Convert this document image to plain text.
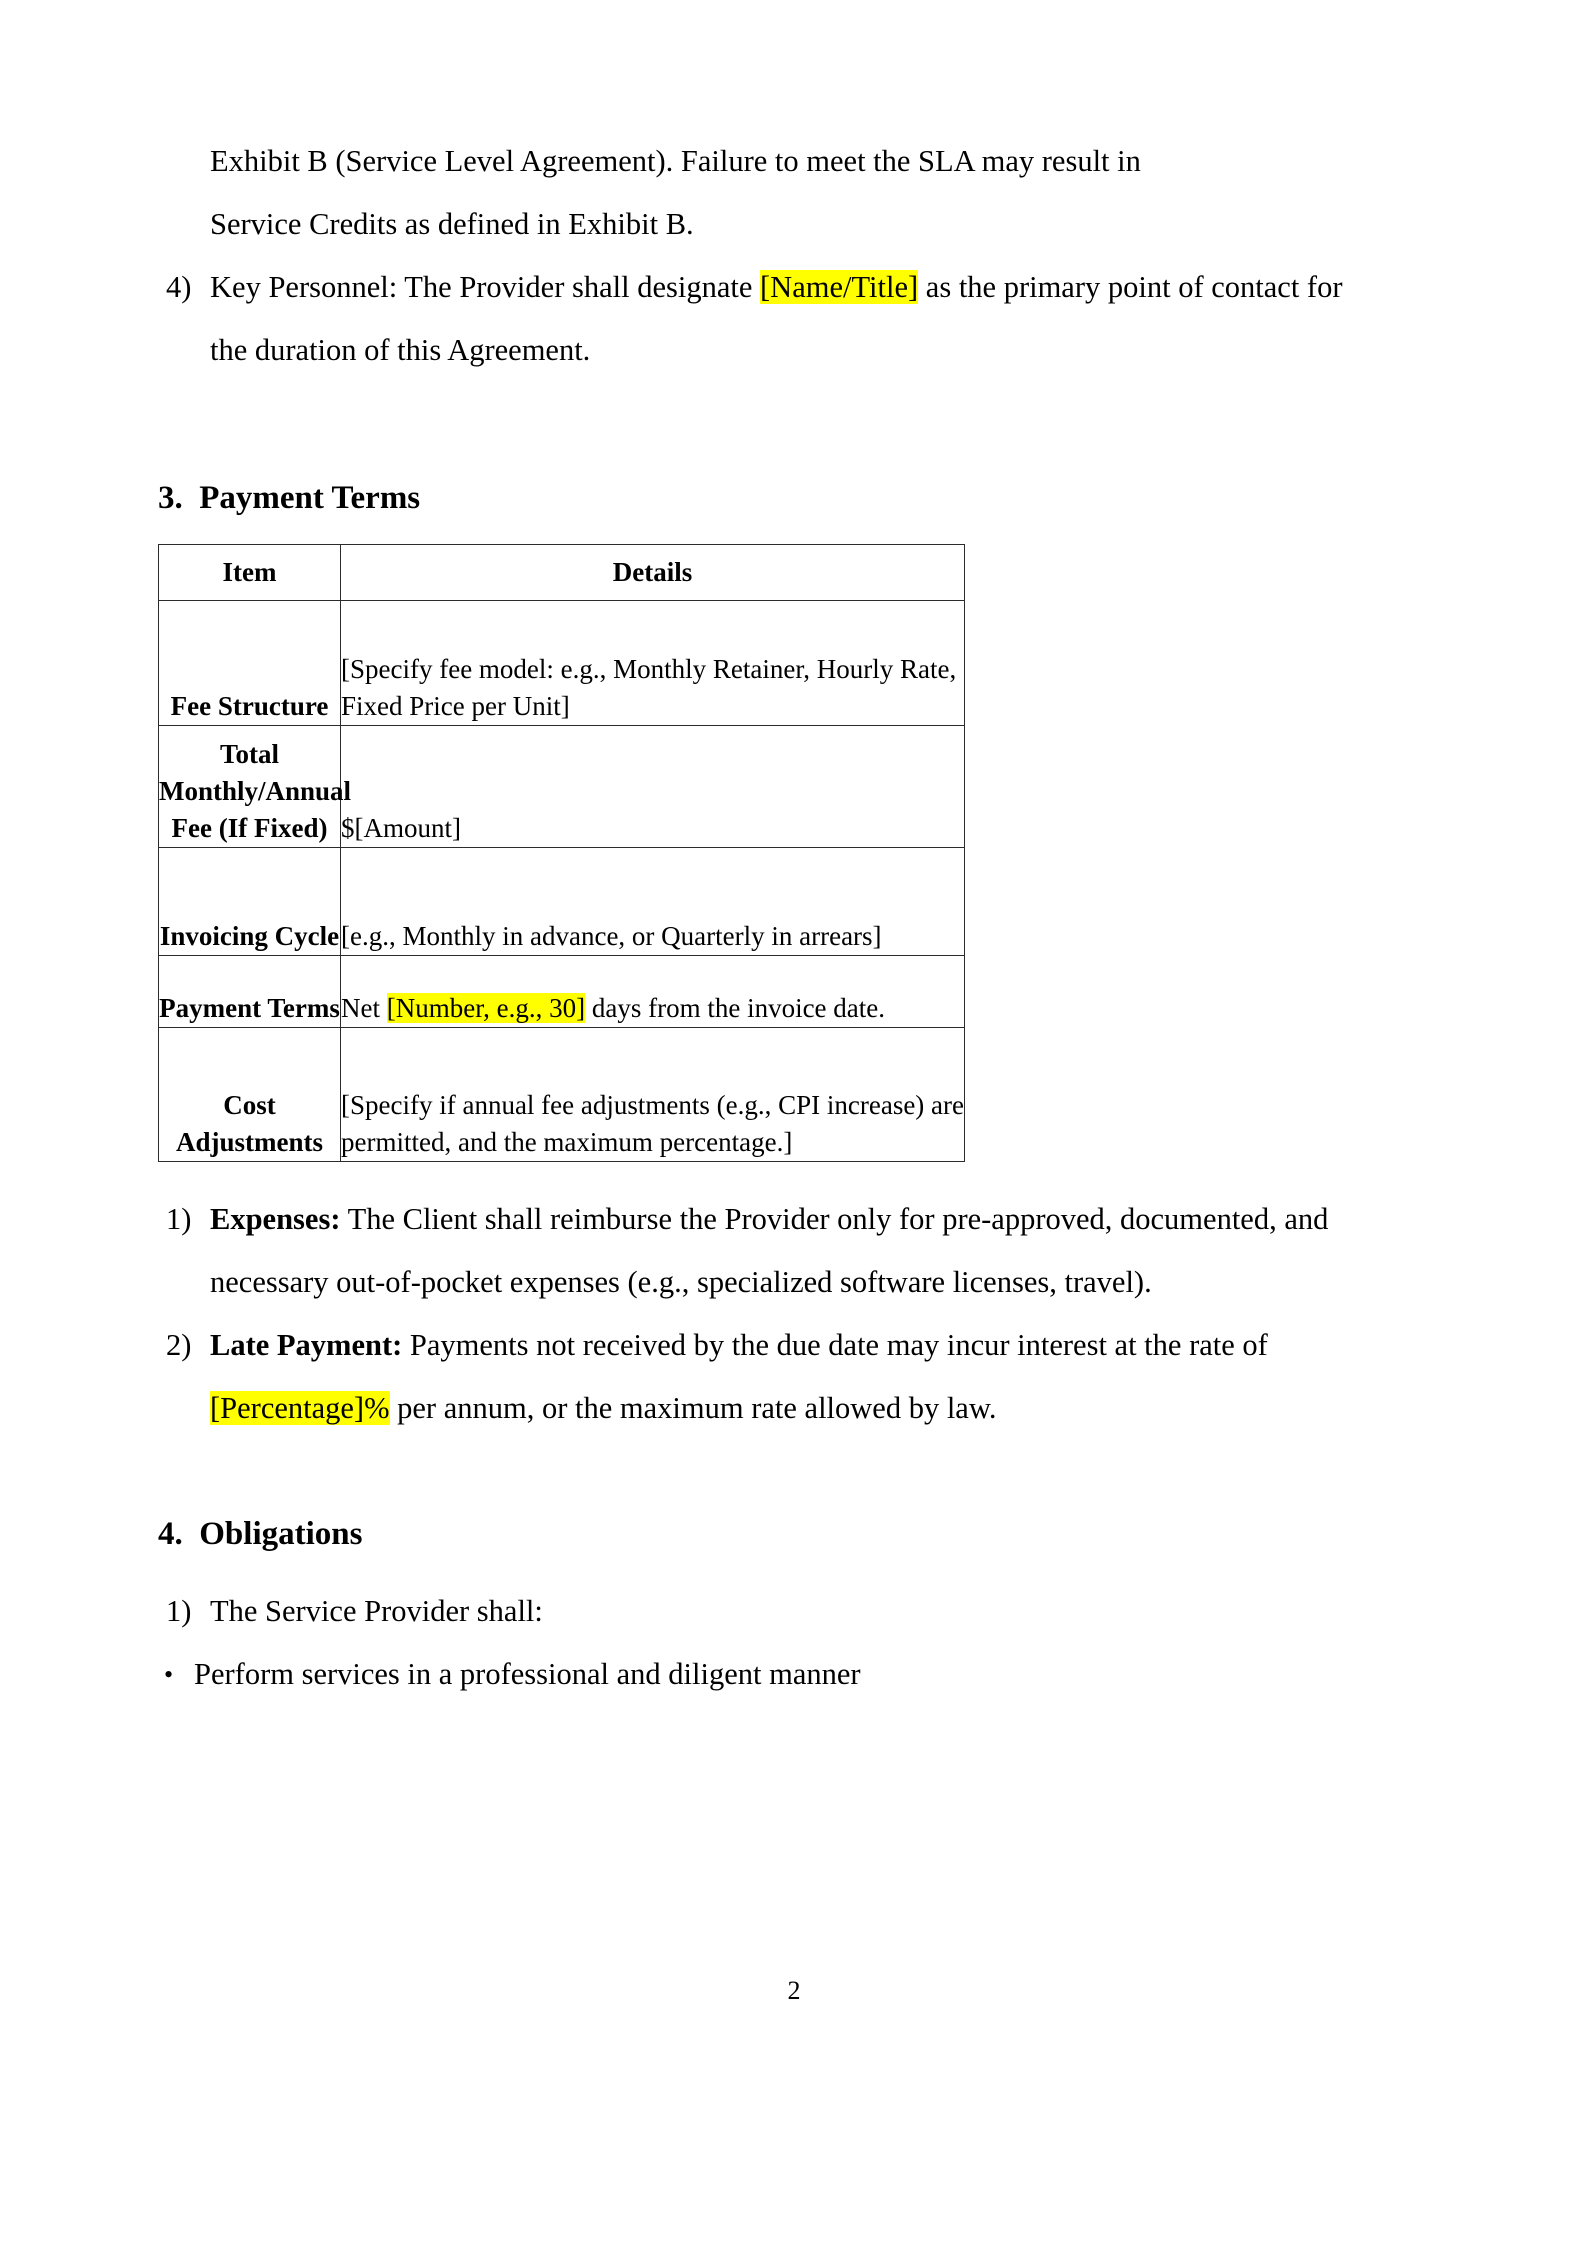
Exhibit B (Service Level Agreement). Failure to meet the SLA may result in
Service Credits as defined in Exhibit B.
4) Key Personnel: The Provider shall designate [Name/Title] as the primary point of contact for the duration of this Agreement.
3.  Payment Terms
Item	Details
Fee Structure	[Specify fee model: e.g., Monthly Retainer, Hourly Rate, Fixed Price per Unit]
Total Monthly/Annual Fee (If Fixed)	$[Amount]
Invoicing Cycle	[e.g., Monthly in advance, or Quarterly in arrears]
Payment Terms	Net [Number, e.g., 30] days from the invoice date.
Cost Adjustments	[Specify if annual fee adjustments (e.g., CPI increase) are permitted, and the maximum percentage.]
1) Expenses: The Client shall reimburse the Provider only for pre-approved, documented, and necessary out-of-pocket expenses (e.g., specialized software licenses, travel).
2) Late Payment: Payments not received by the due date may incur interest at the rate of [Percentage]% per annum, or the maximum rate allowed by law.
4.  Obligations
1) The Service Provider shall:
• Perform services in a professional and diligent manner
2
